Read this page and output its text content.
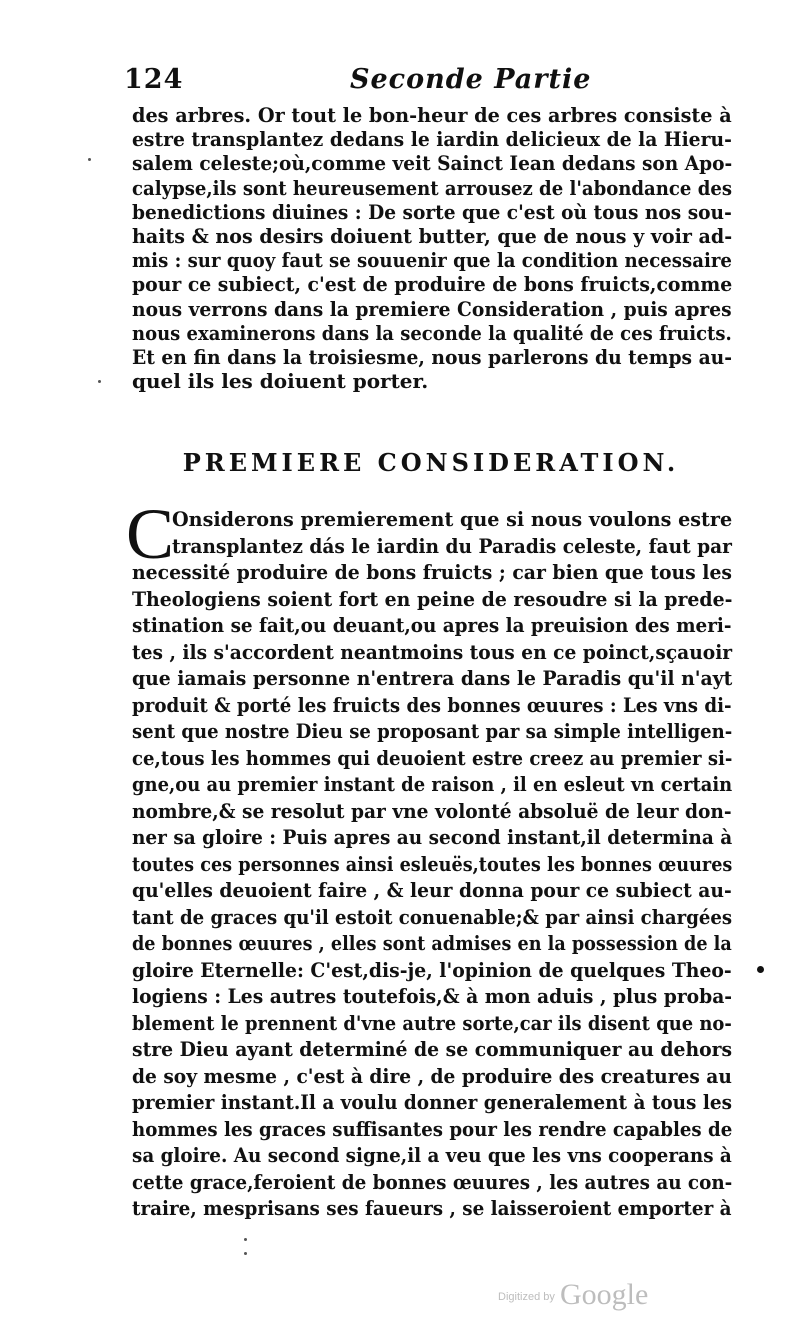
124	Seconde Partie
des arbres. Or tout le bon-heur de ces arbres consiste à
estre transplantez dedans le iardin delicieux de la Hieru-
salem celeste;où,comme veit Sainct Iean dedans son Apo-
calypse,ils sont heureusement arrousez de l'abondance des
benedictions diuines : De sorte que c'est où tous nos sou-
haits & nos desirs doiuent butter, que de nous y voir ad-
mis : sur quoy faut se souuenir que la condition necessaire
pour ce subiect, c'est de produire de bons fruicts,comme
nous verrons dans la premiere Consideration , puis apres
nous examinerons dans la seconde la qualité de ces fruicts.
Et en fin dans la troisiesme, nous parlerons du temps au-
quel ils les doiuent porter.
PREMIERE CONSIDERATION.
C
Onsiderons premierement que si nous voulons estre
transplantez dás le iardin du Paradis celeste, faut par
necessité produire de bons fruicts ; car bien que tous les
Theologiens soient fort en peine de resoudre si la prede-
stination se fait,ou deuant,ou apres la preuision des meri-
tes , ils s'accordent neantmoins tous en ce poinct,sçauoir
que iamais personne n'entrera dans le Paradis qu'il n'ayt
produit & porté les fruicts des bonnes œuures : Les vns di-
sent que nostre Dieu se proposant par sa simple intelligen-
ce,tous les hommes qui deuoient estre creez au premier si-
gne,ou au premier instant de raison , il en esleut vn certain
nombre,& se resolut par vne volonté absoluë de leur don-
ner sa gloire : Puis apres au second instant,il determina à
toutes ces personnes ainsi esleuës,toutes les bonnes œuures
qu'elles deuoient faire , & leur donna pour ce subiect au-
tant de graces qu'il estoit conuenable;& par ainsi chargées
de bonnes œuures , elles sont admises en la possession de la
gloire Eternelle: C'est,dis-je, l'opinion de quelques Theo-
logiens : Les autres toutefois,& à mon aduis , plus proba-
blement le prennent d'vne autre sorte,car ils disent que no-
stre Dieu ayant determiné de se communiquer au dehors
de soy mesme , c'est à dire , de produire des creatures au
premier instant.Il a voulu donner generalement à tous les
hommes les graces suffisantes pour les rendre capables de
sa gloire. Au second signe,il a veu que les vns cooperans à
cette grace,feroient de bonnes œuures , les autres au con-
traire, mesprisans ses faueurs , se laisseroient emporter à
$^{Digitized by}$ Google
